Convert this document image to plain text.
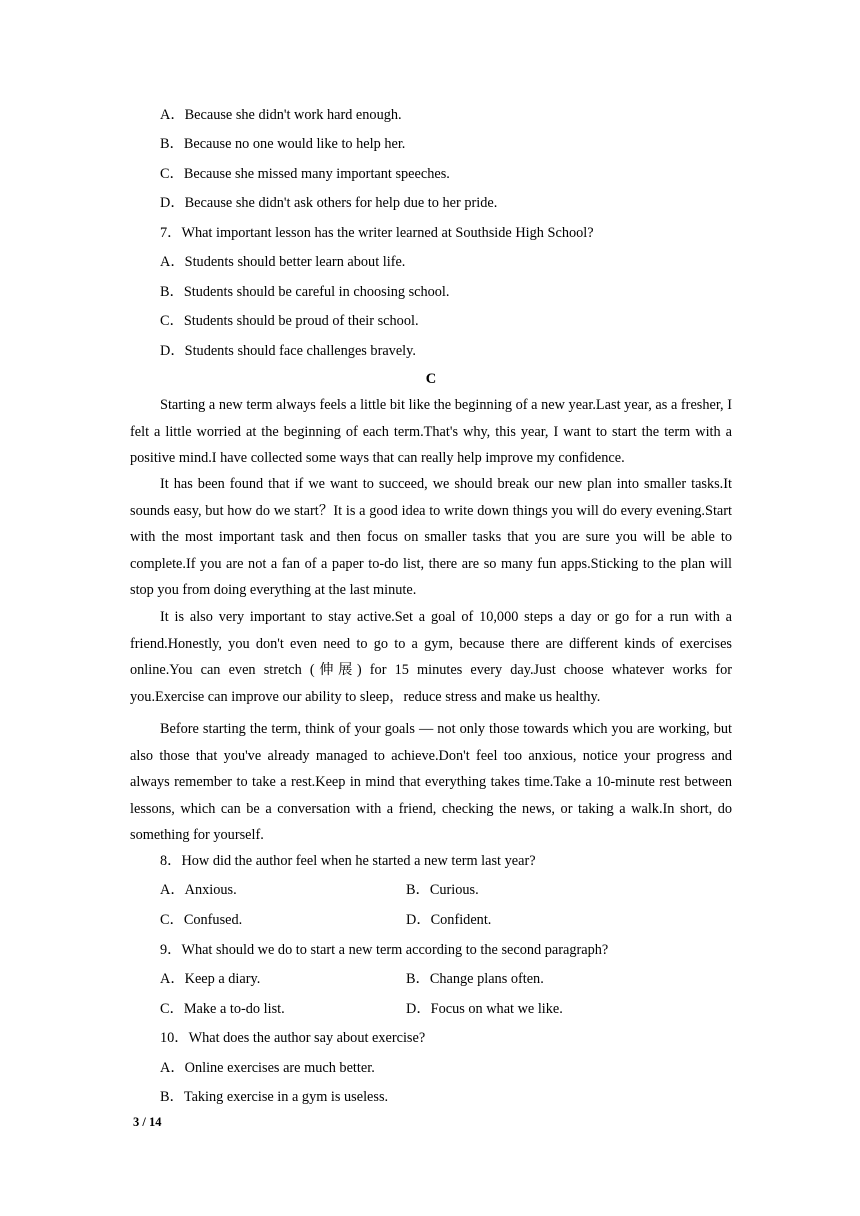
A．Because she didn't work hard enough.
B．Because no one would like to help her.
C．Because she missed many important speeches.
D．Because she didn't ask others for help due to her pride.
7．What important lesson has the writer learned at Southside High School?
A．Students should better learn about life.
B．Students should be careful in choosing school.
C．Students should be proud of their school.
D．Students should face challenges bravely.
C

Starting a new term always feels a little bit like the beginning of a new year.Last year, as a fresher, I felt a little worried at the beginning of each term.That's why, this year, I want to start the term with a positive mind.I have collected some ways that can really help improve my confidence.

It has been found that if we want to succeed, we should break our new plan into smaller tasks.It sounds easy, but how do we start？It is a good idea to write down things you will do every evening.Start with the most important task and then focus on smaller tasks that you are sure you will be able to complete.If you are not a fan of a paper to-do list, there are so many fun apps.Sticking to the plan will stop you from doing everything at the last minute.

It is also very important to stay active.Set a goal of 10,000 steps a day or go for a run with a friend.Honestly, you don't even need to go to a gym, because there are different kinds of exercises online.You can even stretch (伸展) for 15 minutes every day.Just choose whatever works for you.Exercise can improve our ability to sleep，reduce stress and make us healthy.

Before starting the term, think of your goals — not only those towards which you are working, but also those that you've already managed to achieve.Don't feel too anxious, notice your progress and always remember to take a rest.Keep in mind that everything takes time.Take a 10-minute rest between lessons, which can be a conversation with a friend, checking the news, or taking a walk.In short, do something for yourself.

8．How did the author feel when he started a new term last year?
A．Anxious.	B．Curious.
C．Confused.	D．Confident.
9．What should we do to start a new term according to the second paragraph?
A．Keep a diary.	B．Change plans often.
C．Make a to-do list.	D．Focus on what we like.
10．What does the author say about exercise?
A．Online exercises are much better.
B．Taking exercise in a gym is useless.
3 / 14
